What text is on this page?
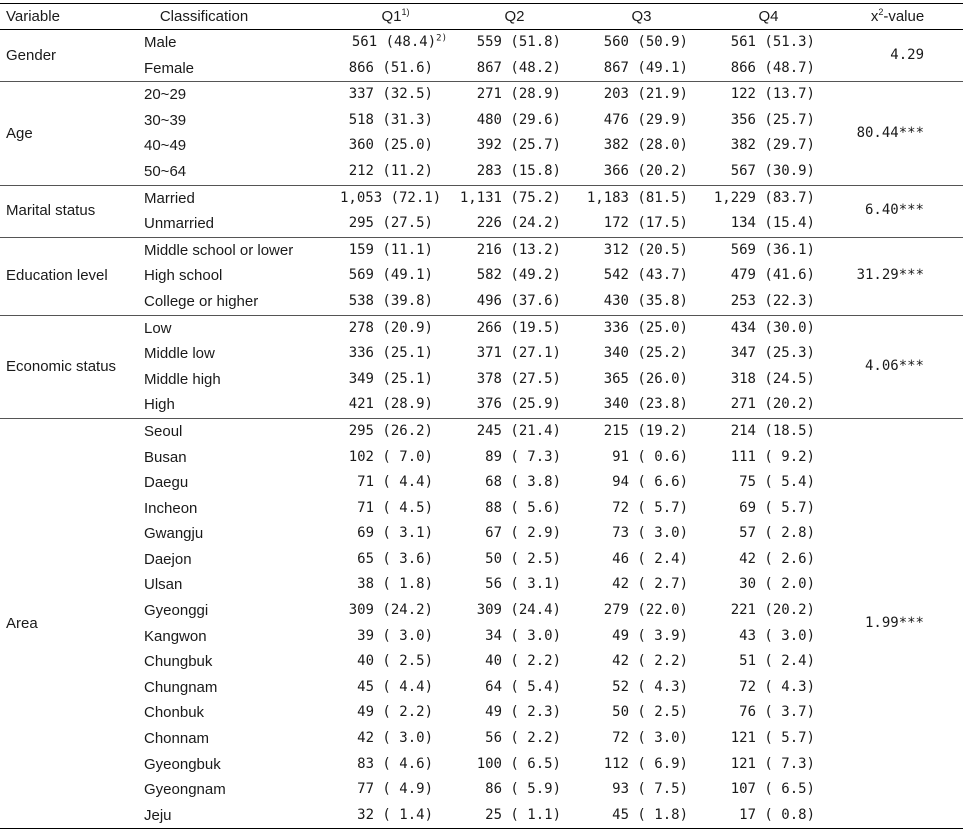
Variable	Classification	Q1$^{1)}$	Q2	Q3	Q4	$x^2$-value
Gender	Male	561 $(48.4)^{2)}$	559 (51.8)	560 (50.9)	561 (51.3)	4.29
	Female	866 (51.6)	867 (48.2)	867 (49.1)	866 (48.7)	
Age	20~29	337 (32.5)	271 (28.9)	203 (21.9)	122 (13.7)	80.44***
	30~39	518 (31.3)	480 (29.6)	476 (29.9)	356 (25.7)	
	40~49	360 (25.0)	392 (25.7)	382 (28.0)	382 (29.7)	
	50~64	212 (11.2)	283 (15.8)	366 (20.2)	567 (30.9)	
Marital status	Married	1,053 (72.1)	1,131 (75.2)	1,183 (81.5)	1,229 (83.7)	6.40***
	Unmarried	295 (27.5)	226 (24.2)	172 (17.5)	134 (15.4)	
Education level	Middle school or lower	159 (11.1)	216 (13.2)	312 (20.5)	569 (36.1)	31.29***
	High school	569 (49.1)	582 (49.2)	542 (43.7)	479 (41.6)	
	College or higher	538 (39.8)	496 (37.6)	430 (35.8)	253 (22.3)	
Economic status	Low	278 (20.9)	266 (19.5)	336 (25.0)	434 (30.0)	4.06***
	Middle low	336 (25.1)	371 (27.1)	340 (25.2)	347 (25.3)	
	Middle high	349 (25.1)	378 (27.5)	365 (26.0)	318 (24.5)	
	High	421 (28.9)	376 (25.9)	340 (23.8)	271 (20.2)	
Area	Seoul	295 (26.2)	245 (21.4)	215 (19.2)	214 (18.5)	1.99***
	Busan	102 ( 7.0)	89 ( 7.3)	91 ( 0.6)	111 ( 9.2)	
	Daegu	71 ( 4.4)	68 ( 3.8)	94 ( 6.6)	75 ( 5.4)	
	Incheon	71 ( 4.5)	88 ( 5.6)	72 ( 5.7)	69 ( 5.7)	
	Gwangju	69 ( 3.1)	67 ( 2.9)	73 ( 3.0)	57 ( 2.8)	
	Daejon	65 ( 3.6)	50 ( 2.5)	46 ( 2.4)	42 ( 2.6)	
	Ulsan	38 ( 1.8)	56 ( 3.1)	42 ( 2.7)	30 ( 2.0)	
	Gyeonggi	309 (24.2)	309 (24.4)	279 (22.0)	221 (20.2)	
	Kangwon	39 ( 3.0)	34 ( 3.0)	49 ( 3.9)	43 ( 3.0)	
	Chungbuk	40 ( 2.5)	40 ( 2.2)	42 ( 2.2)	51 ( 2.4)	
	Chungnam	45 ( 4.4)	64 ( 5.4)	52 ( 4.3)	72 ( 4.3)	
	Chonbuk	49 ( 2.2)	49 ( 2.3)	50 ( 2.5)	76 ( 3.7)	
	Chonnam	42 ( 3.0)	56 ( 2.2)	72 ( 3.0)	121 ( 5.7)	
	Gyeongbuk	83 ( 4.6)	100 ( 6.5)	112 ( 6.9)	121 ( 7.3)	
	Gyeongnam	77 ( 4.9)	86 ( 5.9)	93 ( 7.5)	107 ( 6.5)	
	Jeju	32 ( 1.4)	25 ( 1.1)	45 ( 1.8)	17 ( 0.8)	
